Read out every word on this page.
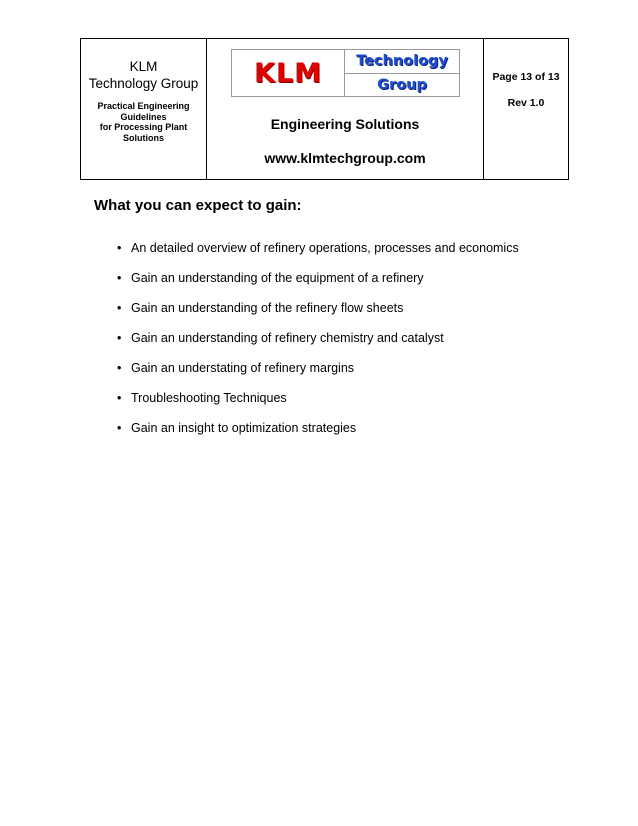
KLM
Technology Group
Practical Engineering
Guidelines
for Processing Plant
Solutions
KLM	Technology
Group
Engineering Solutions
www.klmtechgroup.com
Page 13 of 13
Rev 1.0
What you can expect to gain:
• An detailed overview of refinery operations, processes and economics
• Gain an understanding of the equipment of a refinery
• Gain an understanding of the refinery flow sheets
• Gain an understanding of refinery chemistry and catalyst
• Gain an understating of refinery margins
• Troubleshooting Techniques
• Gain an insight to optimization strategies
